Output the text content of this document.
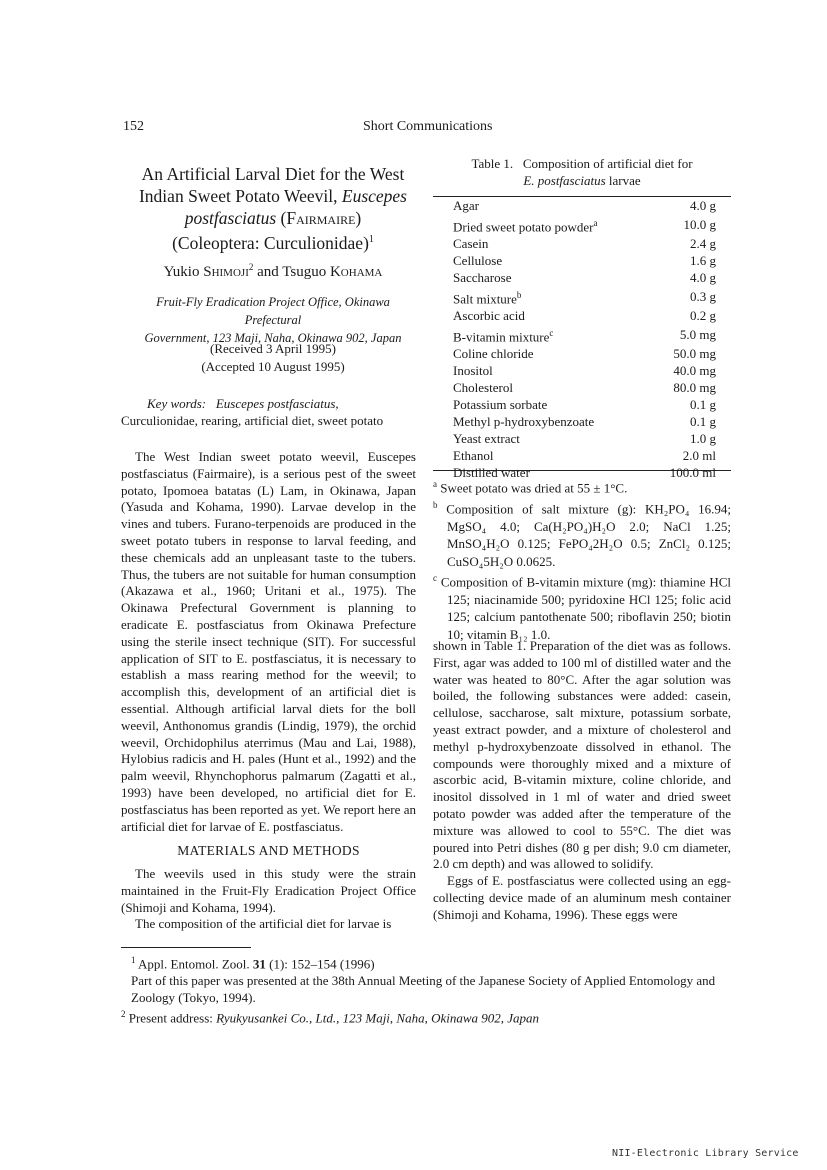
152	Short Communications
An Artificial Larval Diet for the West
Indian Sweet Potato Weevil, Euscepes
postfasciatus (Fairmaire)
(Coleoptera: Curculionidae)$^1$
Yukio Shimoji$^2$ and Tsuguo Kohama
Fruit-Fly Eradication Project Office, Okinawa Prefectural
Government, 123 Maji, Naha, Okinawa 902, Japan
(Received 3 April 1995)
(Accepted 10 August 1995)
Key words: Euscepes postfasciatus, Curculionidae, rearing, artificial diet, sweet potato

The West Indian sweet potato weevil, Euscepes postfasciatus (Fairmaire), is a serious pest of the sweet potato, Ipomoea batatas (L) Lam, in Okinawa, Japan (Yasuda and Kohama, 1990). Larvae develop in the vines and tubers. Furano-terpenoids are produced in the sweet potato tubers in response to larval feeding, and these chemicals add an unpleasant taste to the tubers. Thus, the tubers are not suitable for human consumption (Akazawa et al., 1960; Uritani et al., 1975). The Okinawa Prefectural Government is planning to eradicate E. postfasciatus from Okinawa Prefecture using the sterile insect technique (SIT). For successful application of SIT to E. postfasciatus, it is necessary to establish a mass rearing method for the weevil; to accomplish this, development of an artificial diet is essential. Although artificial larval diets for the boll weevil, Anthonomus grandis (Lindig, 1979), the orchid weevil, Orchidophilus aterrimus (Mau and Lai, 1988), Hylobius radicis and H. pales (Hunt et al., 1992) and the palm weevil, Rhynchophorus palmarum (Zagatti et al., 1993) have been developed, no artificial diet for E. postfasciatus has been reported as yet. We report here an artificial diet for larvae of E. postfasciatus.

MATERIALS AND METHODS

The weevils used in this study were the strain maintained in the Fruit-Fly Eradication Project Office (Shimoji and Kohama, 1994).

The composition of the artificial diet for larvae is

Table 1. Composition of artificial diet for
E. postfasciatus larvae
Agar	4.0 g
Dried sweet potato powder$^a$	10.0 g
Casein	2.4 g
Cellulose	1.6 g
Saccharose	4.0 g
Salt mixture$^b$	0.3 g
Ascorbic acid	0.2 g
B-vitamin mixture$^c$	5.0 mg
Coline chloride	50.0 mg
Inositol	40.0 mg
Cholesterol	80.0 mg
Potassium sorbate	0.1 g
Methyl p-hydroxybenzoate	0.1 g
Yeast extract	1.0 g
Ethanol	2.0 ml
Distilled water	100.0 ml
$^a$ Sweet potato was dried at 55 ± 1°C.
$^b$ Composition of salt mixture (g): KH₂PO₄ 16.94; MgSO₄ 4.0; Ca(H₂PO₄)H₂O 2.0; NaCl 1.25; MnSO₄H₂O 0.125; FePO₄2H₂O 0.5; ZnCl₂ 0.125; CuSO₄5H₂O 0.0625.
$^c$ Composition of B-vitamin mixture (mg): thiamine HCl 125; niacinamide 500; pyridoxine HCl 125; folic acid 125; calcium pantothenate 500; riboflavin 250; biotin 10; vitamin B₁₂ 1.0.

shown in Table 1. Preparation of the diet was as follows. First, agar was added to 100 ml of distilled water and the water was heated to 80°C. After the agar solution was boiled, the following substances were added: casein, cellulose, saccharose, salt mixture, potassium sorbate, yeast extract powder, and a mixture of cholesterol and methyl p-hydroxybenzoate dissolved in ethanol. The compounds were thoroughly mixed and a mixture of ascorbic acid, B-vitamin mixture, coline chloride, and inositol dissolved in 1 ml of water and dried sweet potato powder was added after the temperature of the mixture was allowed to cool to 55°C. The diet was poured into Petri dishes (80 g per dish; 9.0 cm diameter, 2.0 cm depth) and was allowed to solidify.

Eggs of E. postfasciatus were collected using an egg-collecting device made of an aluminum mesh container (Shimoji and Kohama, 1996). These eggs were

$^1$ Appl. Entomol. Zool. 31 (1): 152–154 (1996)
Part of this paper was presented at the 38th Annual Meeting of the Japanese Society of Applied Entomology and Zoology (Tokyo, 1994).
$^2$ Present address: Ryukyusankei Co., Ltd., 123 Maji, Naha, Okinawa 902, Japan
NII-Electronic Library Service
